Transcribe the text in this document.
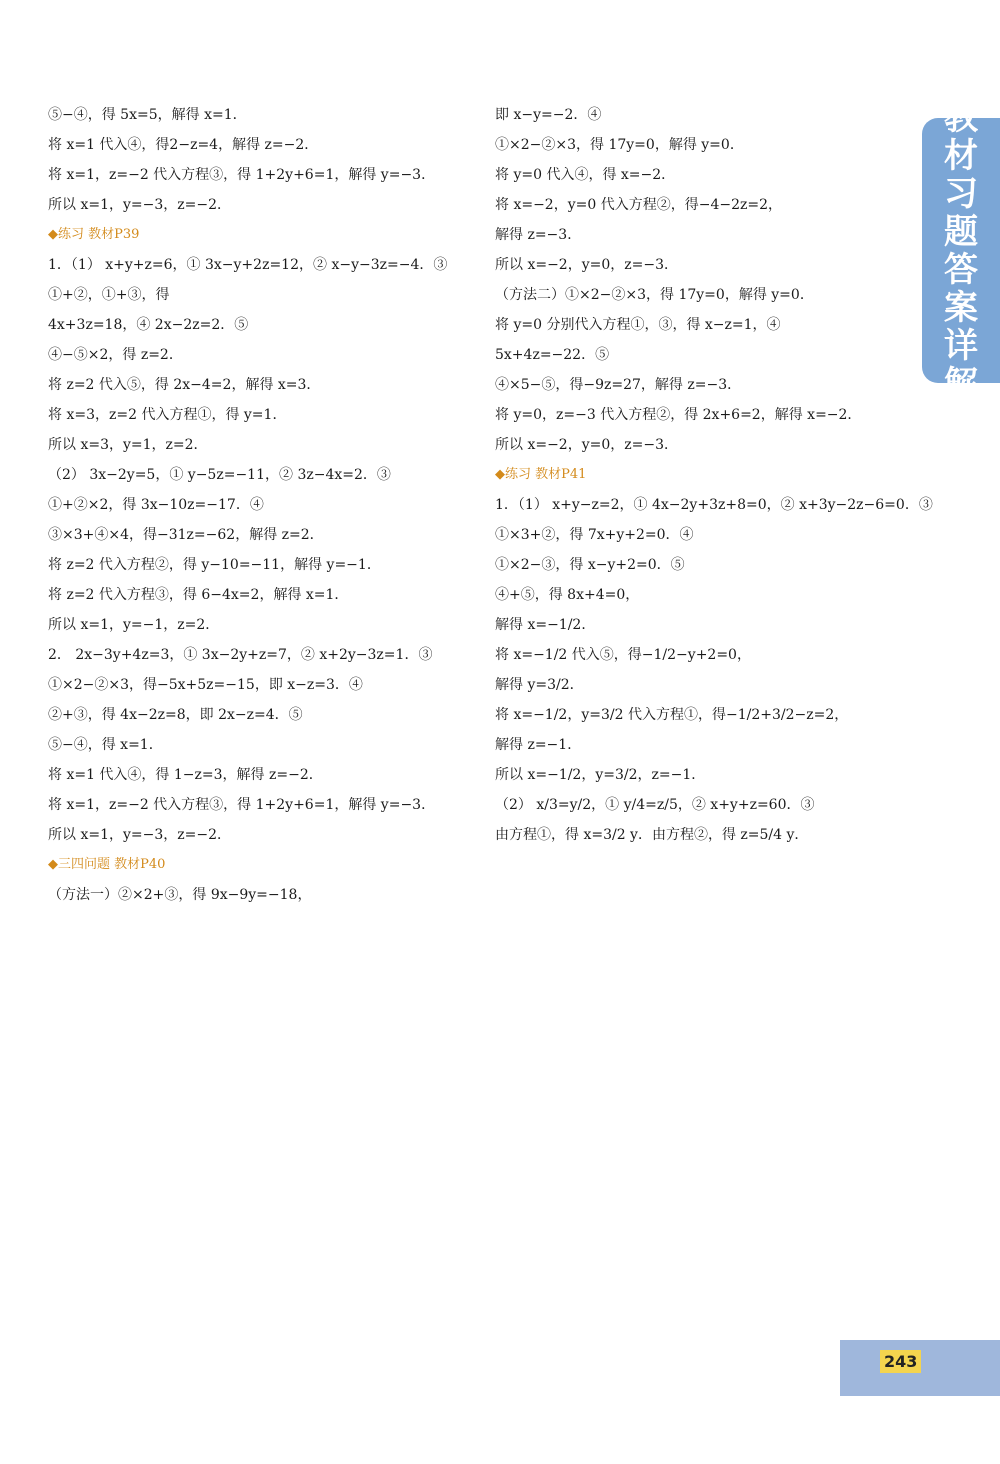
⑤−④，得 5x=5，解得 x=1．
将 x=1 代入④，得2−z=4，解得 z=−2．
将 x=1，z=−2 代入方程③，得 1+2y+6=1，解得 y=−3．
所以 x=1，y=−3，z=−2．
◆练习 教材P39
1．（1） x+y+z=6，① 3x−y+2z=12，② x−y−3z=−4．③
①+②，①+③，得
4x+3z=18，④ 2x−2z=2．⑤
④−⑤×2，得 z=2．
将 z=2 代入⑤，得 2x−4=2，解得 x=3．
将 x=3，z=2 代入方程①，得 y=1．
所以 x=3，y=1，z=2．
（2） 3x−2y=5，① y−5z=−11，② 3z−4x=2．③
①+②×2，得 3x−10z=−17．④
③×3+④×4，得−31z=−62，解得 z=2．
将 z=2 代入方程②，得 y−10=−11，解得 y=−1．
将 z=2 代入方程③，得 6−4x=2，解得 x=1．
所以 x=1，y=−1，z=2．
2． 2x−3y+4z=3，① 3x−2y+z=7，② x+2y−3z=1．③
①×2−②×3，得−5x+5z=−15，即 x−z=3．④
②+③，得 4x−2z=8，即 2x−z=4．⑤
⑤−④，得 x=1．
将 x=1 代入④，得 1−z=3，解得 z=−2．
将 x=1，z=−2 代入方程③，得 1+2y+6=1，解得 y=−3．
所以 x=1，y=−3，z=−2．
◆三四问题 教材P40
（方法一）②×2+③，得 9x−9y=−18，
即 x−y=−2．④
①×2−②×3，得 17y=0，解得 y=0．
将 y=0 代入④，得 x=−2．
将 x=−2，y=0 代入方程②，得−4−2z=2，
解得 z=−3．
所以 x=−2，y=0，z=−3．
（方法二）①×2−②×3，得 17y=0，解得 y=0．
将 y=0 分别代入方程①，③，得 x−z=1，④
5x+4z=−22．⑤
④×5−⑤，得−9z=27，解得 z=−3．
将 y=0，z=−3 代入方程②，得 2x+6=2，解得 x=−2．
所以 x=−2，y=0，z=−3．
◆练习 教材P41
1．（1） x+y−z=2，① 4x−2y+3z+8=0，② x+3y−2z−6=0．③
①×3+②，得 7x+y+2=0．④
①×2−③，得 x−y+2=0．⑤
④+⑤，得 8x+4=0，
解得 x=−1/2．
将 x=−1/2 代入⑤，得−1/2−y+2=0，
解得 y=3/2．
将 x=−1/2，y=3/2 代入方程①，得−1/2+3/2−z=2，
解得 z=−1．
所以 x=−1/2，y=3/2，z=−1．
（2） x/3=y/2，① y/4=z/5，② x+y+z=60．③
由方程①，得 x=3/2 y．由方程②，得 z=5/4 y．
教
材
习
题
答
案
详
解
243
